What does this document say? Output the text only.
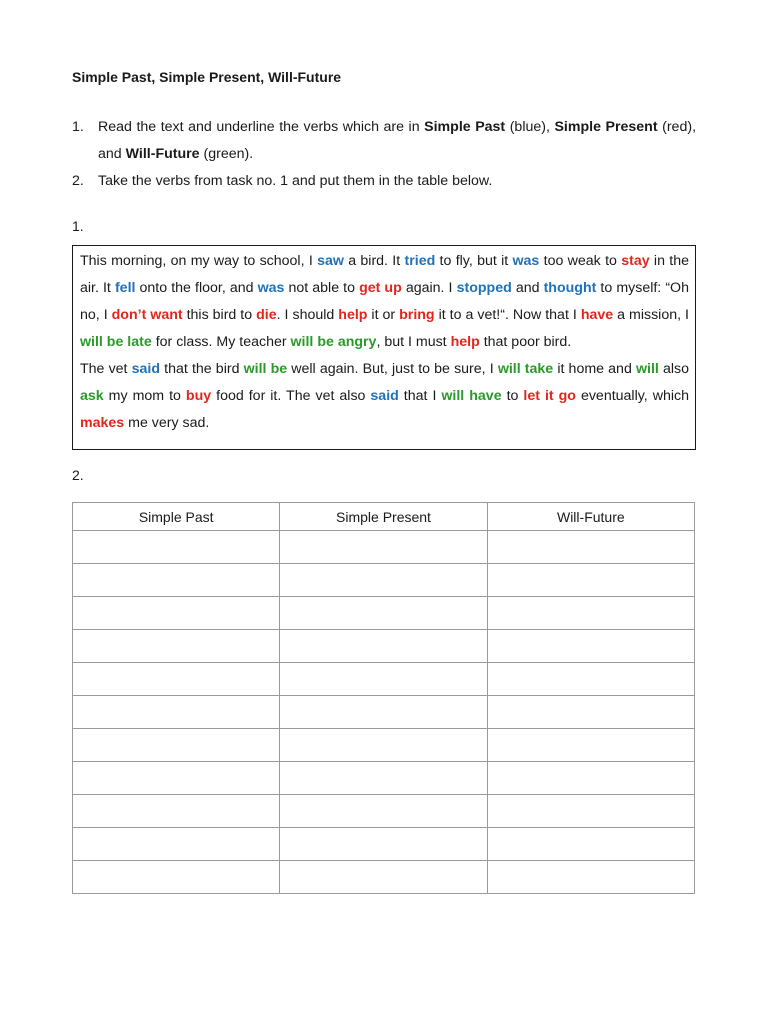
Simple Past, Simple Present, Will-Future
1. Read the text and underline the verbs which are in Simple Past (blue), Simple Present (red), and Will-Future (green).
2. Take the verbs from task no. 1 and put them in the table below.
1.

This morning, on my way to school, I saw a bird. It tried to fly, but it was too weak to stay in the air. It fell onto the floor, and was not able to get up again. I stopped and thought to myself: “Oh no, I don’t want this bird to die. I should help it or bring it to a vet!“. Now that I have a mission, I will be late for class. My teacher will be angry, but I must help that poor bird.

The vet said that the bird will be well again. But, just to be sure, I will take it home and will also ask my mom to buy food for it. The vet also said that I will have to let it go eventually, which makes me very sad.

2.
Simple Past	Simple Present	Will-Future
